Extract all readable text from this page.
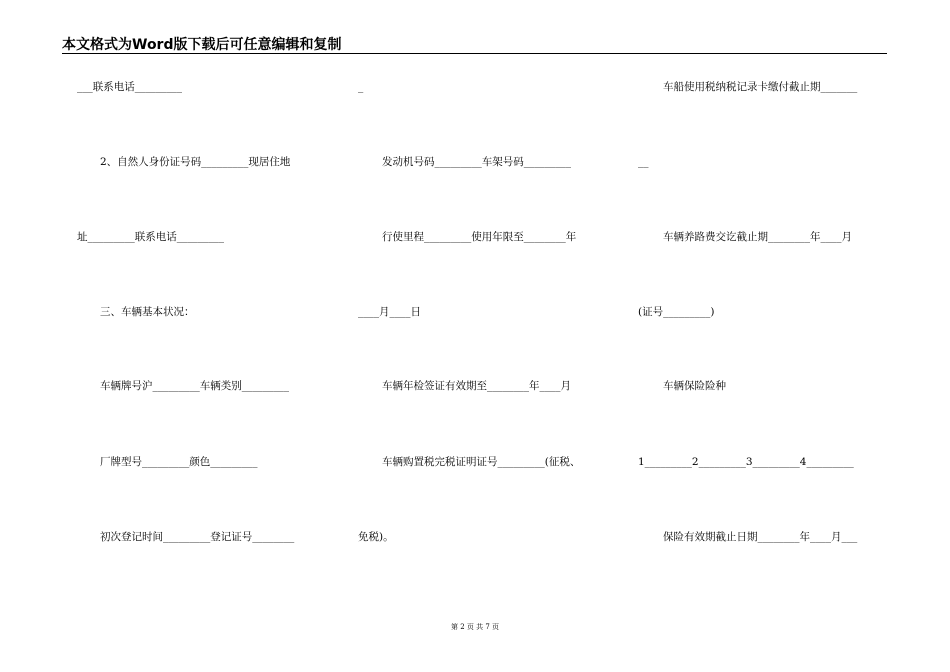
本文格式为Word版下载后可任意编辑和复制
___联系电话_________
2、自然人身份证号码_________现居住地
址_________联系电话_________
三、车辆基本状况：
车辆牌号沪_________车辆类别_________
厂牌型号_________颜色_________
初次登记时间_________登记证号________
_
发动机号码_________车架号码_________
行使里程_________使用年限至________年
____月____日
车辆年检签证有效期至________年____月
车辆购置税完税证明证号_________(征税、
免税)。
车船使用税纳税记录卡缴付截止期_______
__
车辆养路费交讫截止期________年____月
(证号_________)
车辆保险险种
1_________2_________3_________4_________
保险有效期截止日期________年____月___
第 2 页 共 7 页
